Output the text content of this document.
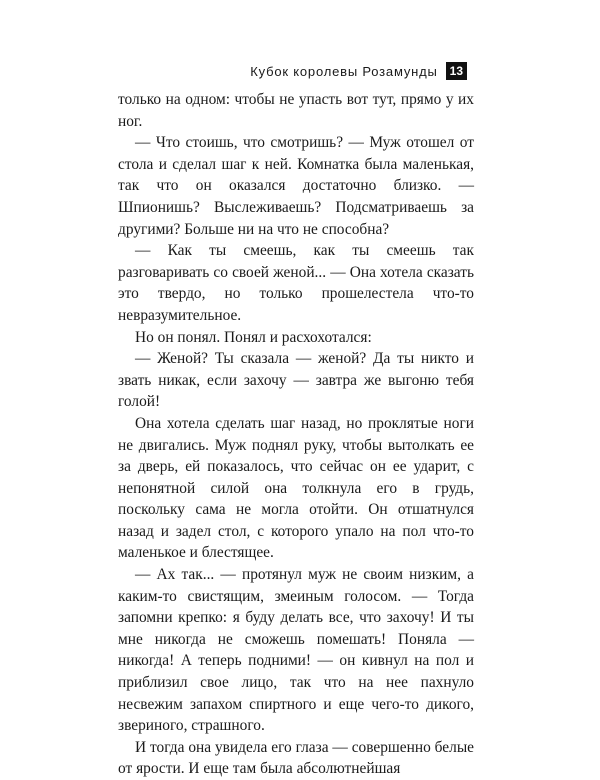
Кубок королевы Розамунды	13

только на одном: чтобы не упасть вот тут, прямо у их ног.

— Что стоишь, что смотришь? — Муж отошел от стола и сделал шаг к ней. Комнатка была маленькая, так что он оказался достаточно близко. — Шпионишь? Выслеживаешь? Подсматриваешь за другими? Больше ни на что не способна?

— Как ты смеешь, как ты смеешь так разговаривать со своей женой... — Она хотела сказать это твердо, но только прошелестела что-то невразумительное.

Но он понял. Понял и расхохотался:

— Женой? Ты сказала — женой? Да ты никто и звать никак, если захочу — завтра же выгоню тебя голой!

Она хотела сделать шаг назад, но проклятые ноги не двигались. Муж поднял руку, чтобы вытолкать ее за дверь, ей показалось, что сейчас он ее ударит, с непонятной силой она толкнула его в грудь, поскольку сама не могла отойти. Он отшатнулся назад и задел стол, с которого упало на пол что-то маленькое и блестящее.

— Ах так... — протянул муж не своим низким, а каким-то свистящим, змеиным голосом. — Тогда запомни крепко: я буду делать все, что захочу! И ты мне никогда не сможешь помешать! Поняла — никогда! А теперь подними! — он кивнул на пол и приблизил свое лицо, так что на нее пахнуло несвежим запахом спиртного и еще чего-то дикого, звериного, страшного.

И тогда она увидела его глаза — совершенно белые от ярости. И еще там была абсолютнейшая
